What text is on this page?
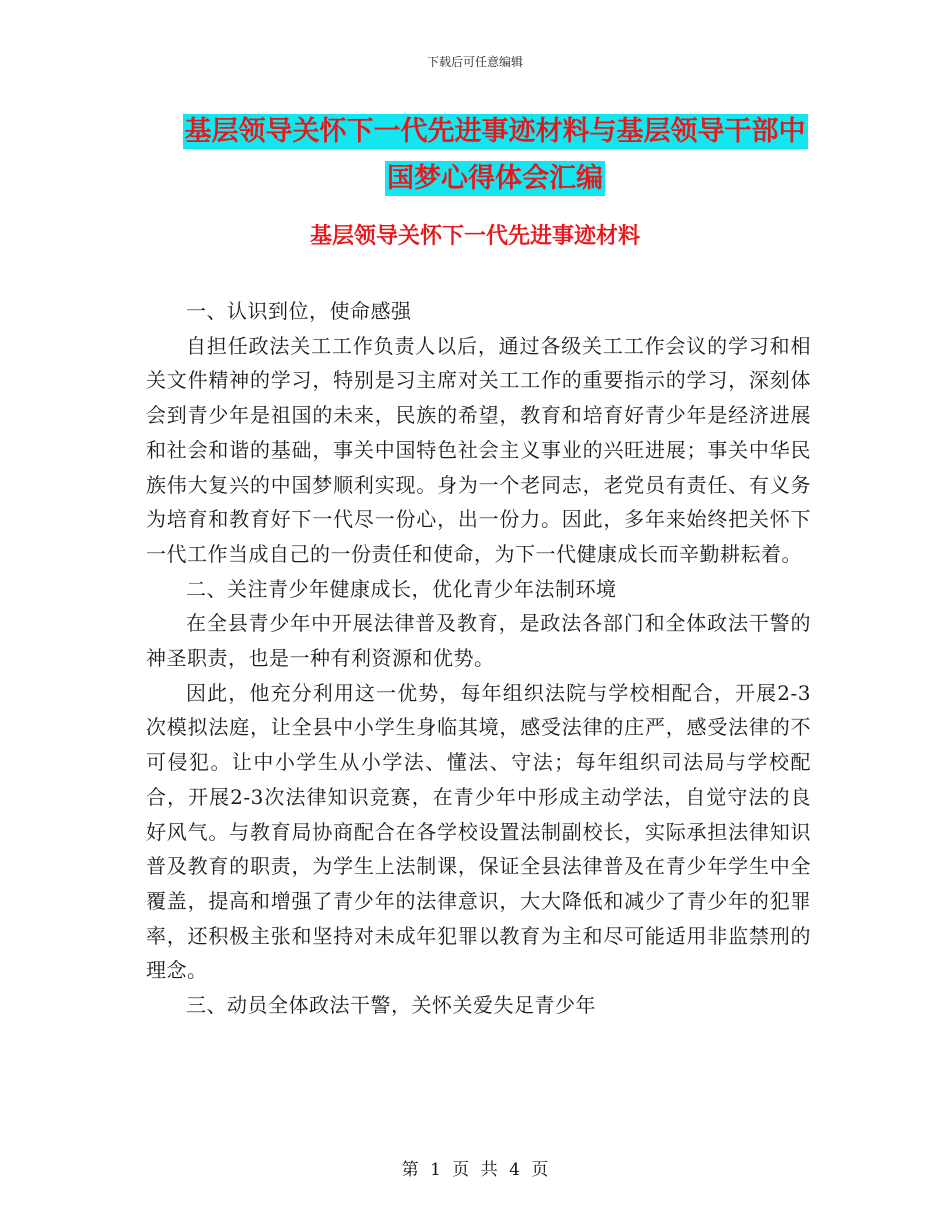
下载后可任意编辑
基层领导关怀下一代先进事迹材料与基层领导干部中
国梦心得体会汇编
基层领导关怀下一代先进事迹材料

一、认识到位，使命感强

自担任政法关工工作负责人以后，通过各级关工工作会议的学习和相关文件精神的学习，特别是习主席对关工工作的重要指示的学习，深刻体会到青少年是祖国的未来，民族的希望，教育和培育好青少年是经济进展和社会和谐的基础，事关中国特色社会主义事业的兴旺进展；事关中华民族伟大复兴的中国梦顺利实现。身为一个老同志，老党员有责任、有义务为培育和教育好下一代尽一份心，出一份力。因此，多年来始终把关怀下一代工作当成自己的一份责任和使命，为下一代健康成长而辛勤耕耘着。

二、关注青少年健康成长，优化青少年法制环境

在全县青少年中开展法律普及教育，是政法各部门和全体政法干警的神圣职责，也是一种有利资源和优势。

因此，他充分利用这一优势，每年组织法院与学校相配合，开展2-3次模拟法庭，让全县中小学生身临其境，感受法律的庄严，感受法律的不可侵犯。让中小学生从小学法、懂法、守法；每年组织司法局与学校配合，开展2-3次法律知识竞赛，在青少年中形成主动学法，自觉守法的良好风气。与教育局协商配合在各学校设置法制副校长，实际承担法律知识普及教育的职责，为学生上法制课，保证全县法律普及在青少年学生中全覆盖，提高和增强了青少年的法律意识，大大降低和减少了青少年的犯罪率，还积极主张和坚持对未成年犯罪以教育为主和尽可能适用非监禁刑的理念。

三、动员全体政法干警，关怀关爱失足青少年

第 1 页 共 4 页
